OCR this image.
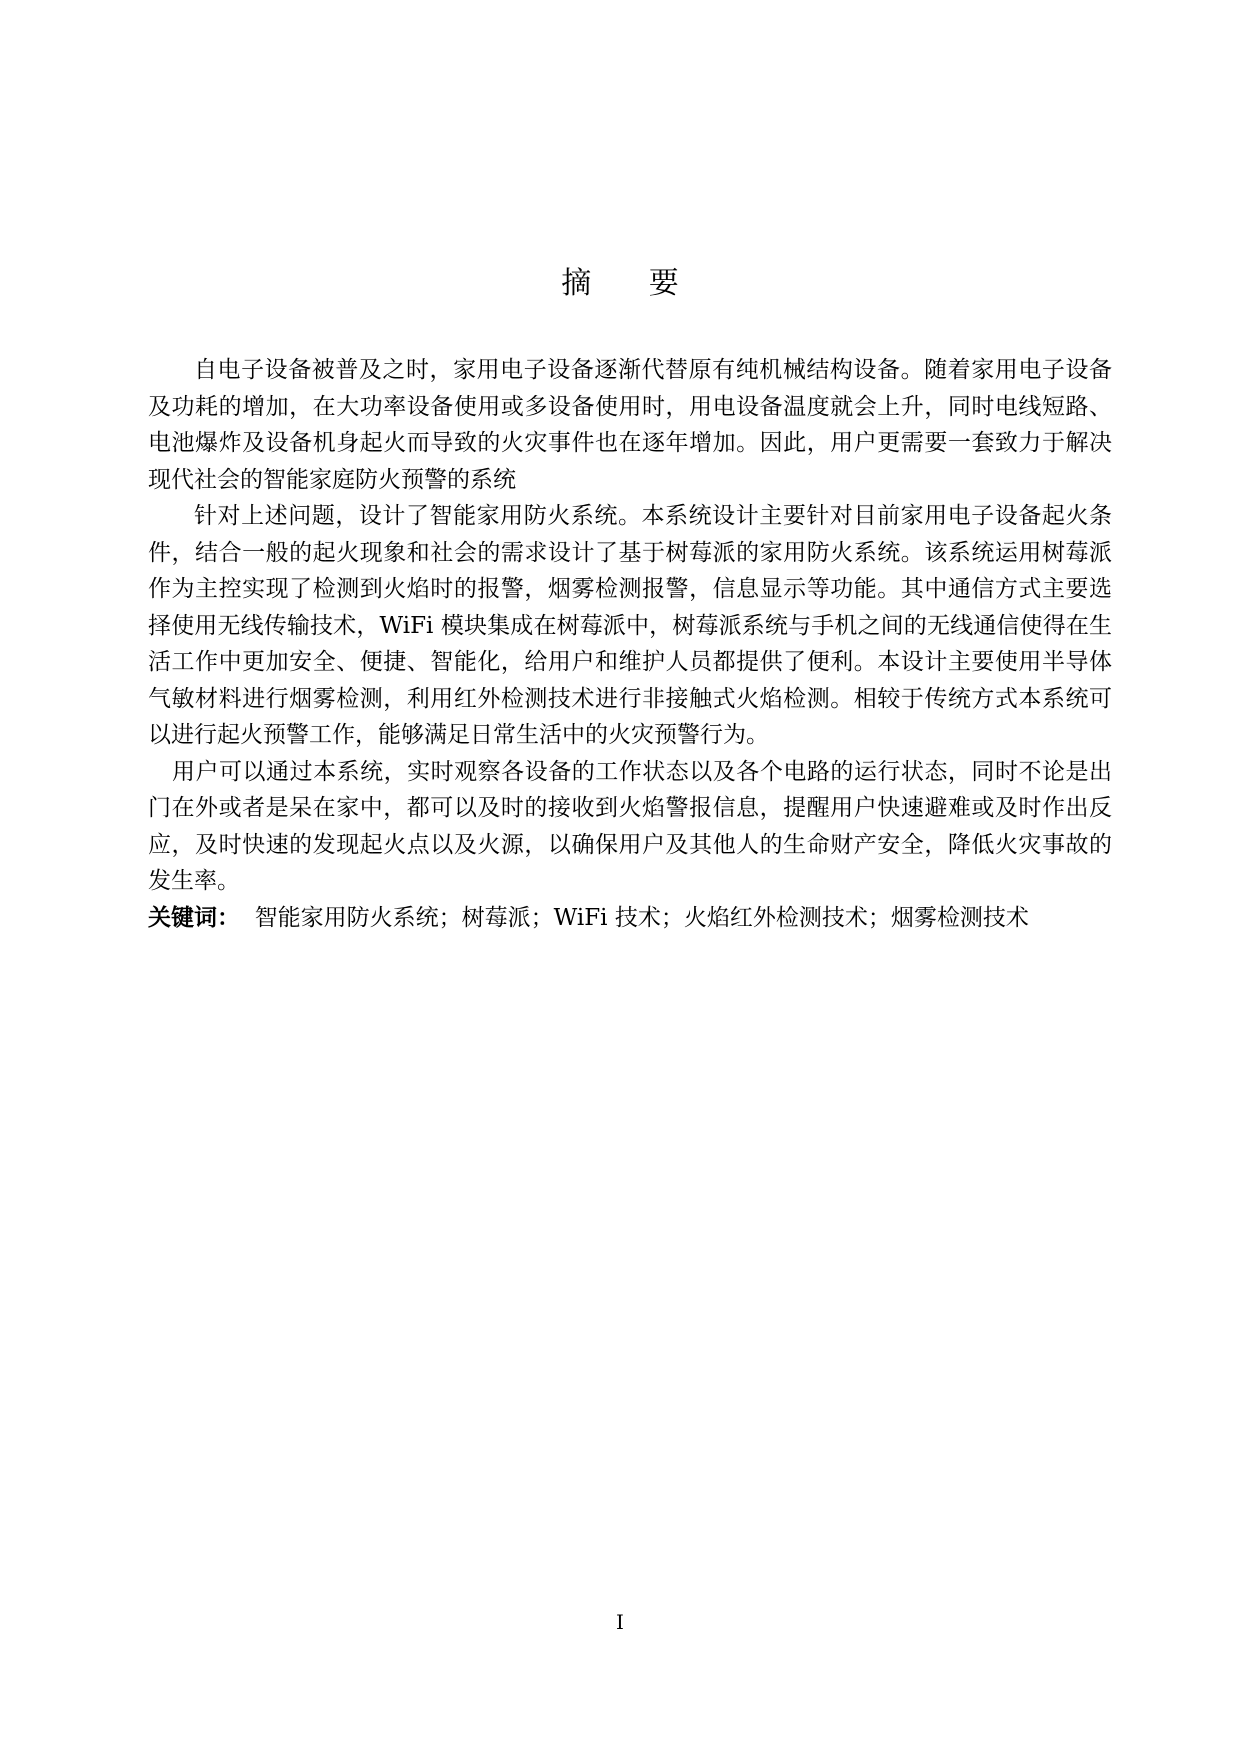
摘 要

自电子设备被普及之时，家用电子设备逐渐代替原有纯机械结构设备。随着家用电子设备及功耗的增加，在大功率设备使用或多设备使用时，用电设备温度就会上升，同时电线短路、电池爆炸及设备机身起火而导致的火灾事件也在逐年增加。因此，用户更需要一套致力于解决现代社会的智能家庭防火预警的系统

针对上述问题，设计了智能家用防火系统。本系统设计主要针对目前家用电子设备起火条件，结合一般的起火现象和社会的需求设计了基于树莓派的家用防火系统。该系统运用树莓派作为主控实现了检测到火焰时的报警，烟雾检测报警，信息显示等功能。其中通信方式主要选择使用无线传输技术，WiFi 模块集成在树莓派中，树莓派系统与手机之间的无线通信使得在生活工作中更加安全、便捷、智能化，给用户和维护人员都提供了便利。本设计主要使用半导体气敏材料进行烟雾检测，利用红外检测技术进行非接触式火焰检测。相较于传统方式本系统可以进行起火预警工作，能够满足日常生活中的火灾预警行为。

用户可以通过本系统，实时观察各设备的工作状态以及各个电路的运行状态，同时不论是出门在外或者是呆在家中，都可以及时的接收到火焰警报信息，提醒用户快速避难或及时作出反应，及时快速的发现起火点以及火源，以确保用户及其他人的生命财产安全，降低火灾事故的发生率。

关键词： 智能家用防火系统；树莓派；WiFi 技术；火焰红外检测技术；烟雾检测技术

I
